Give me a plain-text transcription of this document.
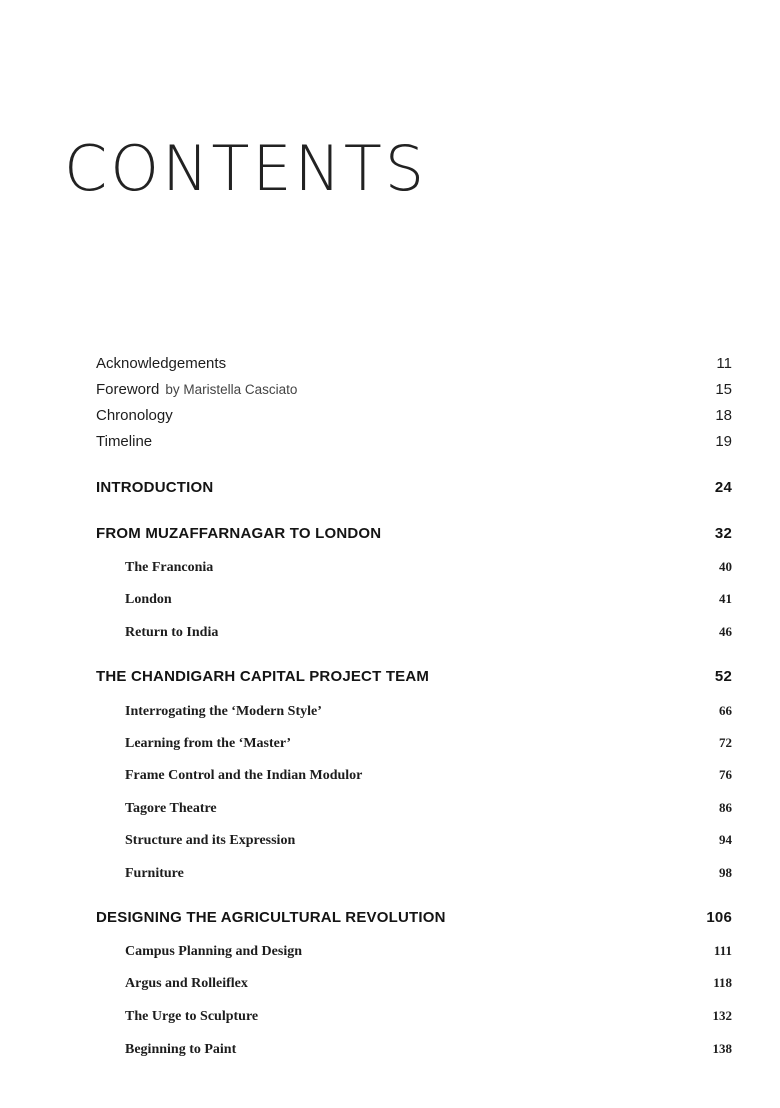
CONTENTS
Acknowledgements	11
Foreword by Maristella Casciato	15
Chronology	18
Timeline	19
INTRODUCTION	24
FROM MUZAFFARNAGAR TO LONDON	32
The Franconia	40
London	41
Return to India	46
THE CHANDIGARH CAPITAL PROJECT TEAM	52
Interrogating the ‘Modern Style’	66
Learning from the ‘Master’	72
Frame Control and the Indian Modulor	76
Tagore Theatre	86
Structure and its Expression	94
Furniture	98
DESIGNING THE AGRICULTURAL REVOLUTION	106
Campus Planning and Design	111
Argus and Rolleiflex	118
The Urge to Sculpture	132
Beginning to Paint	138
